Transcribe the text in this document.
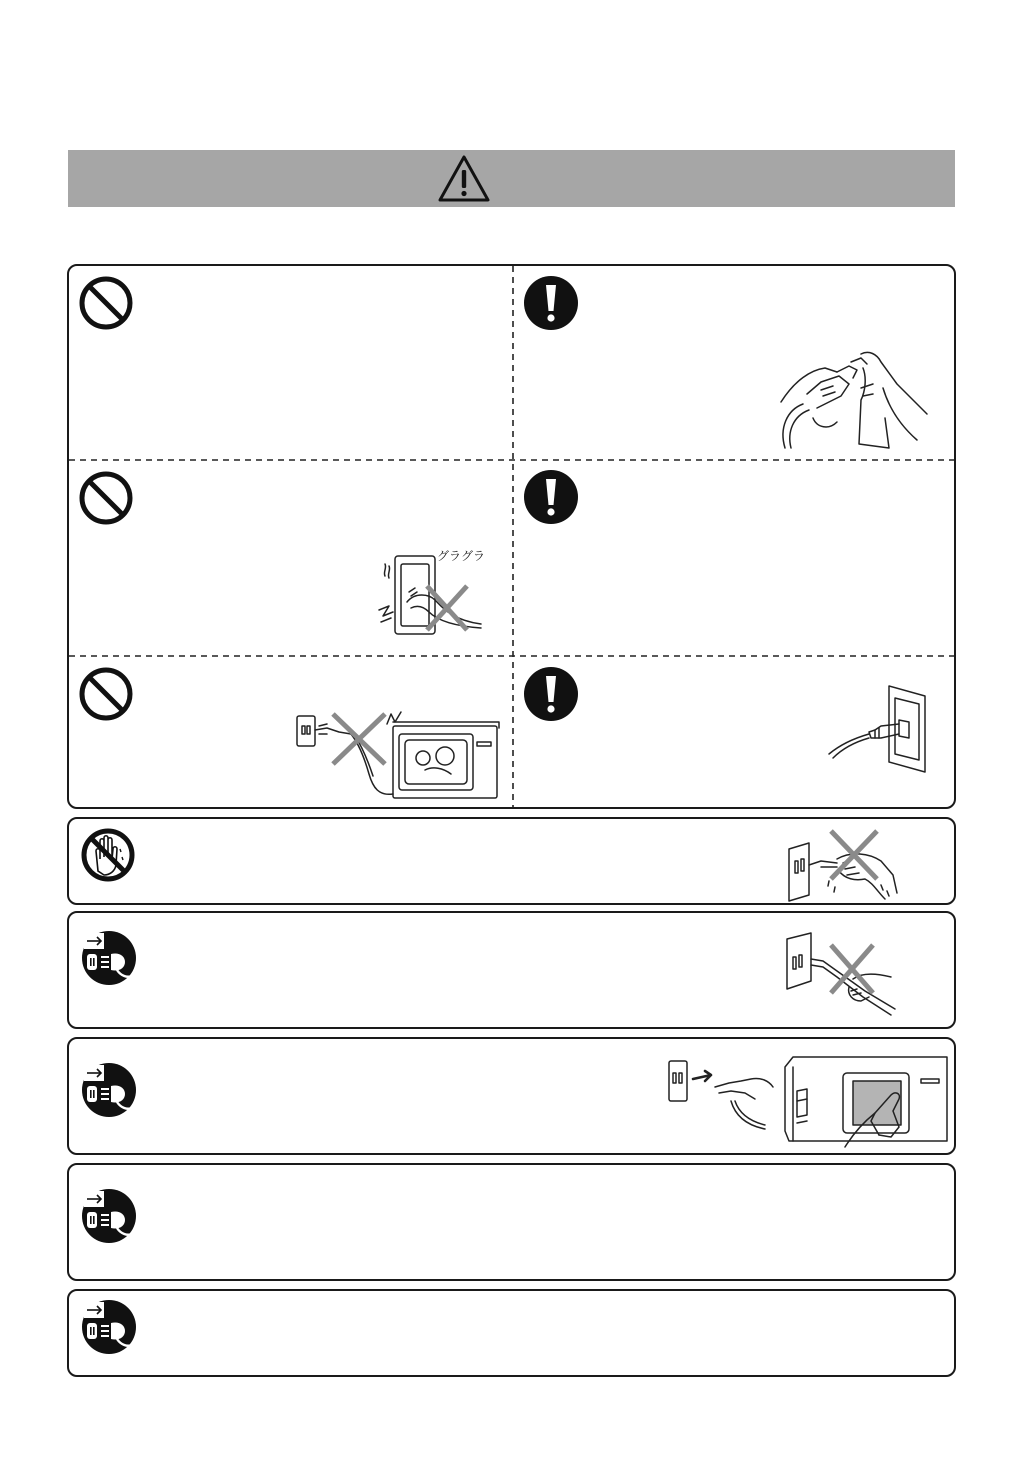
グラグラ
